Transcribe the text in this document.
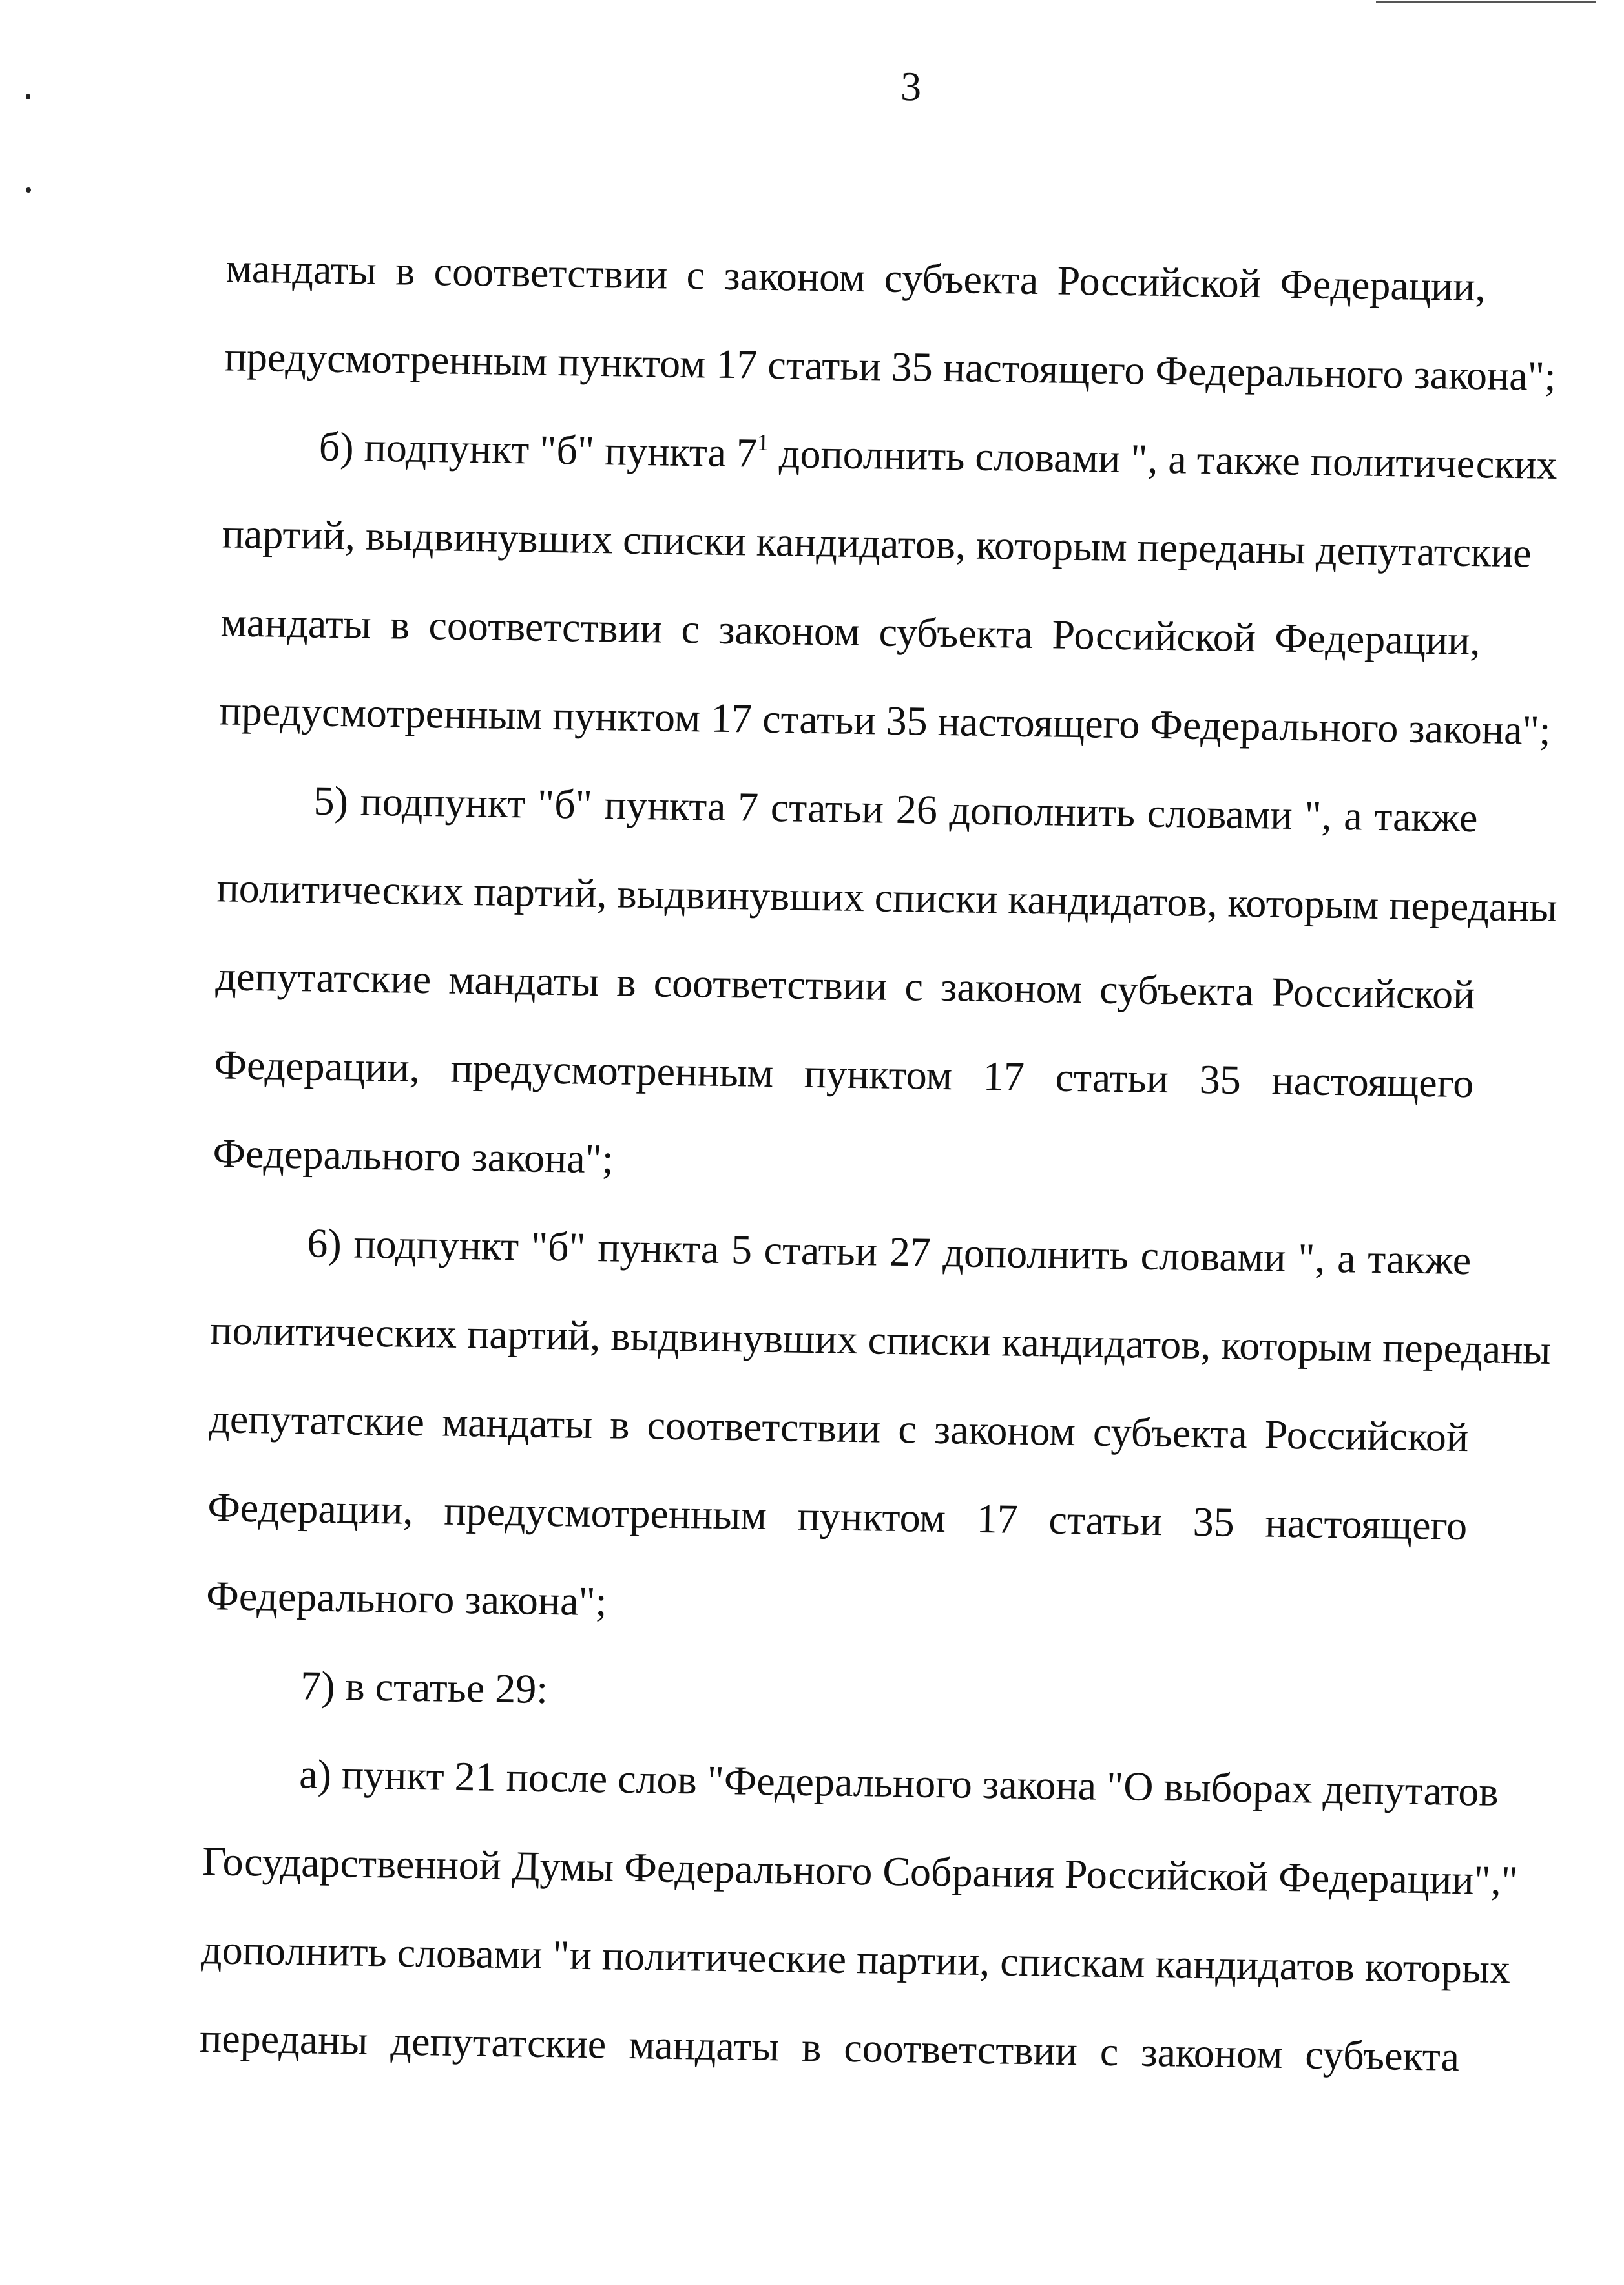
3
мандаты в соответствии с законом субъекта Российской Федерации,
предусмотренным пунктом 17 статьи 35 настоящего Федерального закона";
б) подпункт "б" пункта $7^1$ дополнить словами ", а также политических
партий, выдвинувших списки кандидатов, которым переданы депутатские
мандаты в соответствии с законом субъекта Российской Федерации,
предусмотренным пунктом 17 статьи 35 настоящего Федерального закона";
5) подпункт "б" пункта 7 статьи 26 дополнить словами ", а также
политических партий, выдвинувших списки кандидатов, которым переданы
депутатские мандаты в соответствии с законом субъекта Российской
Федерации, предусмотренным пунктом 17 статьи 35 настоящего
Федерального закона";
6) подпункт "б" пункта 5 статьи 27 дополнить словами ", а также
политических партий, выдвинувших списки кандидатов, которым переданы
депутатские мандаты в соответствии с законом субъекта Российской
Федерации, предусмотренным пунктом 17 статьи 35 настоящего
Федерального закона";
7) в статье 29:
а) пункт 21 после слов "Федерального закона "О выборах депутатов
Государственной Думы Федерального Собрания Российской Федерации","
дополнить словами "и политические партии, спискам кандидатов которых
переданы депутатские мандаты в соответствии с законом субъекта
